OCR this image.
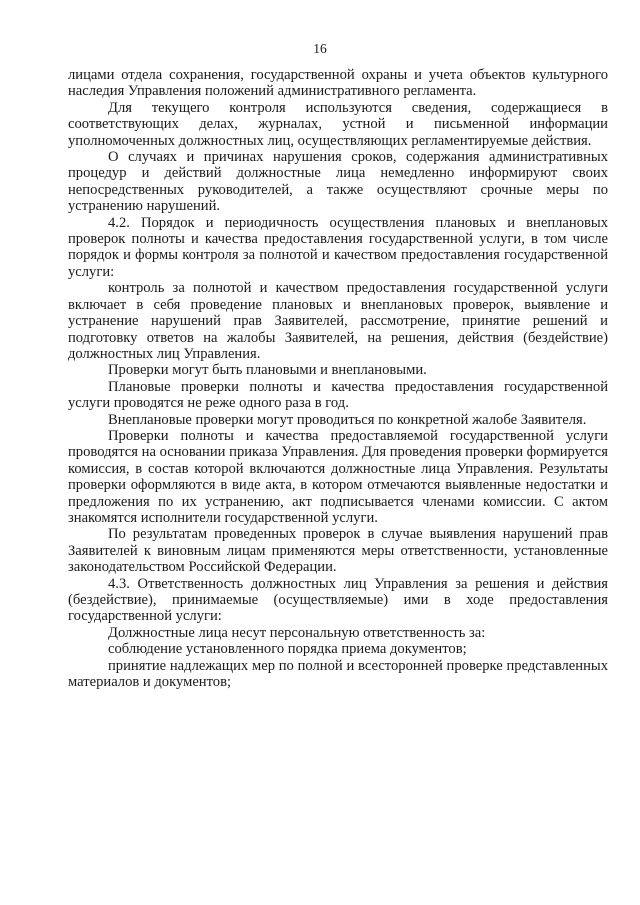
16

лицами отдела сохранения, государственной охраны и учета объектов культурного наследия Управления положений административного регламента.

Для текущего контроля используются сведения, содержащиеся в соответствующих делах, журналах, устной и письменной информации уполномоченных должностных лиц, осуществляющих регламентируемые действия.

О случаях и причинах нарушения сроков, содержания административных процедур и действий должностные лица немедленно информируют своих непосредственных руководителей, а также осуществляют срочные меры по устранению нарушений.

4.2. Порядок и периодичность осуществления плановых и внеплановых проверок полноты и качества предоставления государственной услуги, в том числе порядок и формы контроля за полнотой и качеством предоставления государственной услуги:

контроль за полнотой и качеством предоставления государственной услуги включает в себя проведение плановых и внеплановых проверок, выявление и устранение нарушений прав Заявителей, рассмотрение, принятие решений и подготовку ответов на жалобы Заявителей, на решения, действия (бездействие) должностных лиц Управления.

Проверки могут быть плановыми и внеплановыми.

Плановые проверки полноты и качества предоставления государственной услуги проводятся не реже одного раза в год.

Внеплановые проверки могут проводиться по конкретной жалобе Заявителя.

Проверки полноты и качества предоставляемой государственной услуги проводятся на основании приказа Управления. Для проведения проверки формируется комиссия, в состав которой включаются должностные лица Управления. Результаты проверки оформляются в виде акта, в котором отмечаются выявленные недостатки и предложения по их устранению, акт подписывается членами комиссии. С актом знакомятся исполнители государственной услуги.

По результатам проведенных проверок в случае выявления нарушений прав Заявителей к виновным лицам применяются меры ответственности, установленные законодательством Российской Федерации.

4.3. Ответственность должностных лиц Управления за решения и действия (бездействие), принимаемые (осуществляемые) ими в ходе предоставления государственной услуги:

Должностные лица несут персональную ответственность за:

соблюдение установленного порядка приема документов;

принятие надлежащих мер по полной и всесторонней проверке представленных материалов и документов;
